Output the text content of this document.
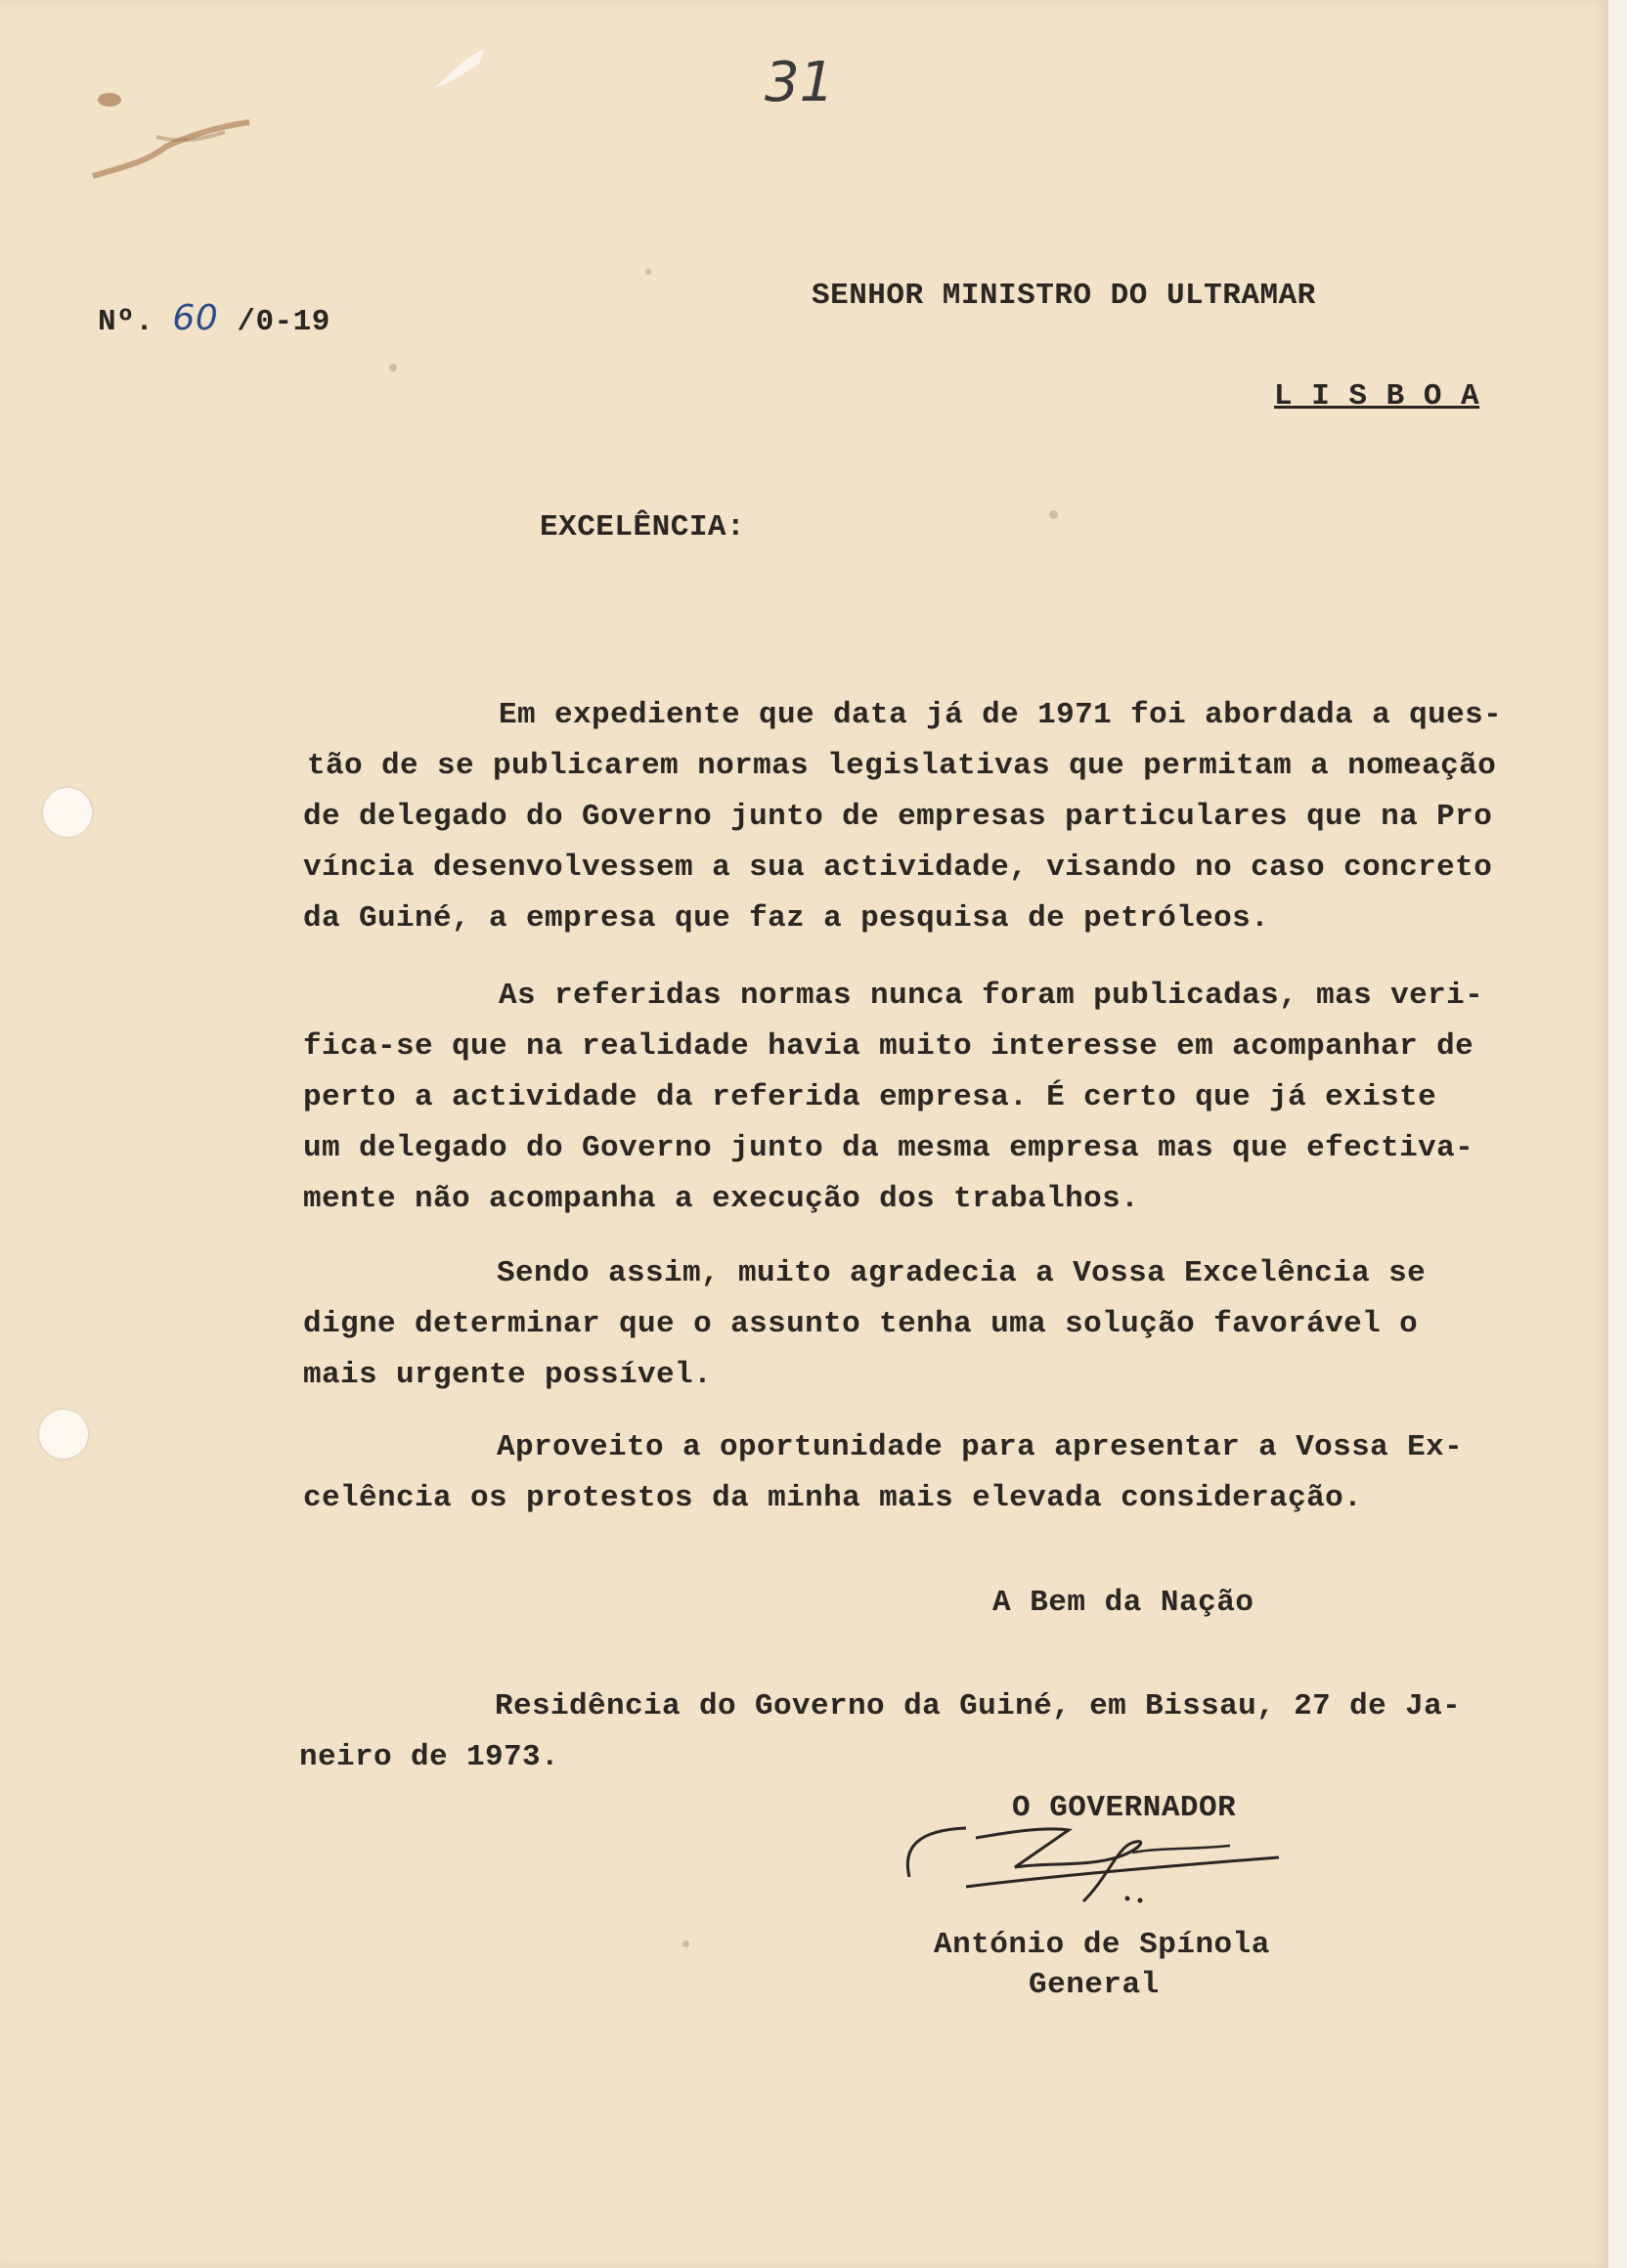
31
Nº. 60 /0-19
SENHOR MINISTRO DO ULTRAMAR
L I S B O A
EXCELÊNCIA:
Em expediente que data já de 1971 foi abordada a ques-
tão de se publicarem normas legislativas que permitam a nomeação
de delegado do Governo junto de empresas particulares que na Pro
víncia desenvolvessem a sua actividade, visando no caso concreto
da Guiné, a empresa que faz a pesquisa de petróleos.
As referidas normas nunca foram publicadas, mas veri-
fica-se que na realidade havia muito interesse em acompanhar de
perto a actividade da referida empresa. É certo que já existe
um delegado do Governo junto da mesma empresa mas que efectiva-
mente não acompanha a execução dos trabalhos.
Sendo assim, muito agradecia a Vossa Excelência se
digne determinar que o assunto tenha uma solução favorável o
mais urgente possível.
Aproveito a oportunidade para apresentar a Vossa Ex-
celência os protestos da minha mais elevada consideração.
A Bem da Nação
Residência do Governo da Guiné, em Bissau, 27 de Ja-
neiro de 1973.
O GOVERNADOR
António de Spínola
General
